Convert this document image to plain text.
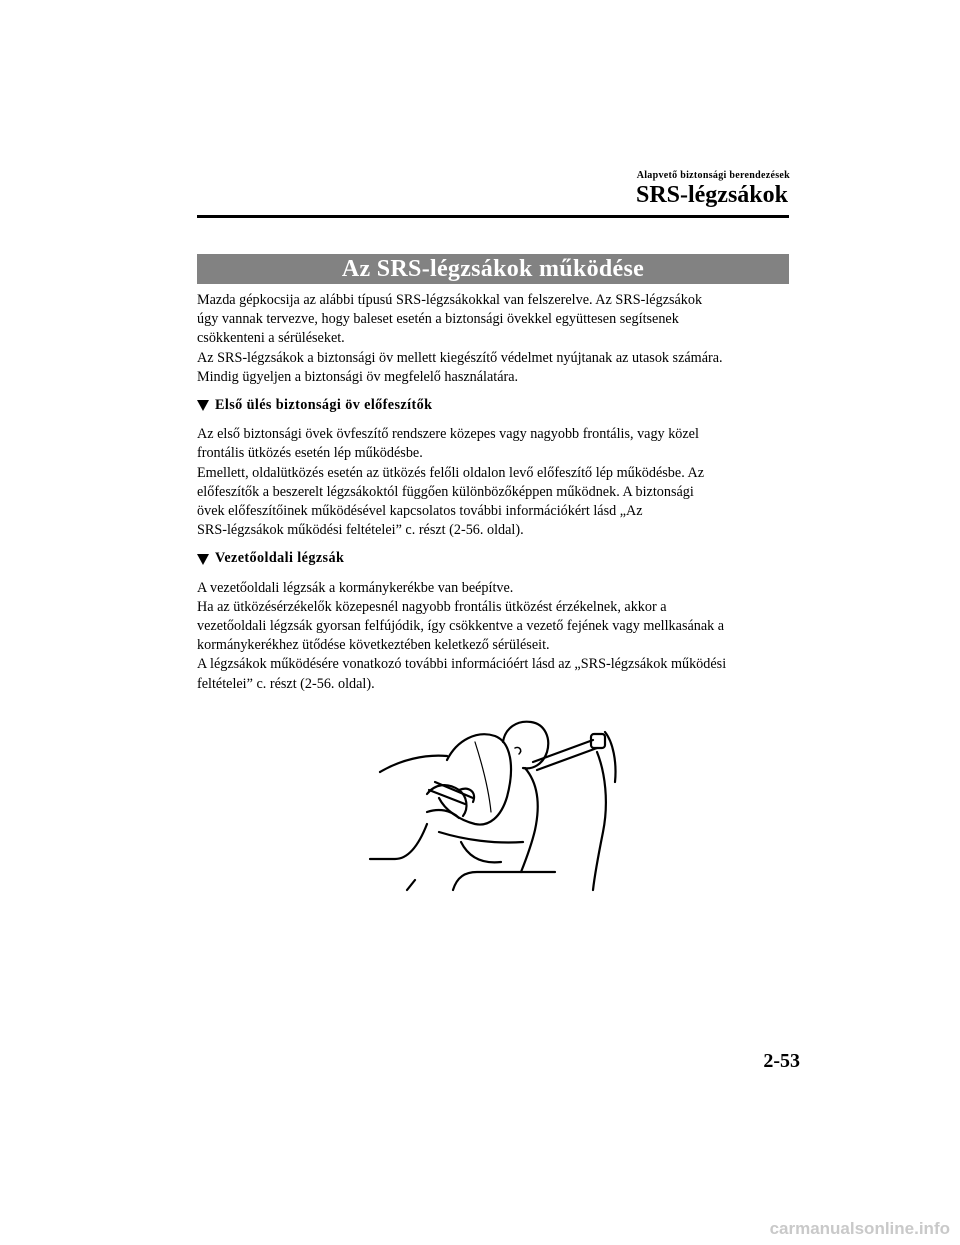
Alapvető biztonsági berendezések
SRS-légzsákok
Az SRS-légzsákok működése

Mazda gépkocsija az alábbi típusú SRS-légzsákokkal van felszerelve. Az SRS-légzsákok

úgy vannak tervezve, hogy baleset esetén a biztonsági övekkel együttesen segítsenek

csökkenteni a sérüléseket.

Az SRS-légzsákok a biztonsági öv mellett kiegészítő védelmet nyújtanak az utasok számára.

Mindig ügyeljen a biztonsági öv megfelelő használatára.

Első ülés biztonsági öv előfeszítők

Az első biztonsági övek övfeszítő rendszere közepes vagy nagyobb frontális, vagy közel

frontális ütközés esetén lép működésbe.

Emellett, oldalütközés esetén az ütközés felőli oldalon levő előfeszítő lép működésbe. Az

előfeszítők a beszerelt légzsákoktól függően különbözőképpen működnek. A biztonsági

övek előfeszítőinek működésével kapcsolatos további információkért lásd „Az

SRS-légzsákok működési feltételei” c. részt (2-56. oldal).

Vezetőoldali légzsák

A vezetőoldali légzsák a kormánykerékbe van beépítve.

Ha az ütközésérzékelők közepesnél nagyobb frontális ütközést érzékelnek, akkor a

vezetőoldali légzsák gyorsan felfújódik, így csökkentve a vezető fejének vagy mellkasának a

kormánykerékhez ütődése következtében keletkező sérüléseit.

A légzsákok működésére vonatkozó további információért lásd az „SRS-légzsákok működési

feltételei” c. részt (2-56. oldal).

2-53
carmanualsonline.info
